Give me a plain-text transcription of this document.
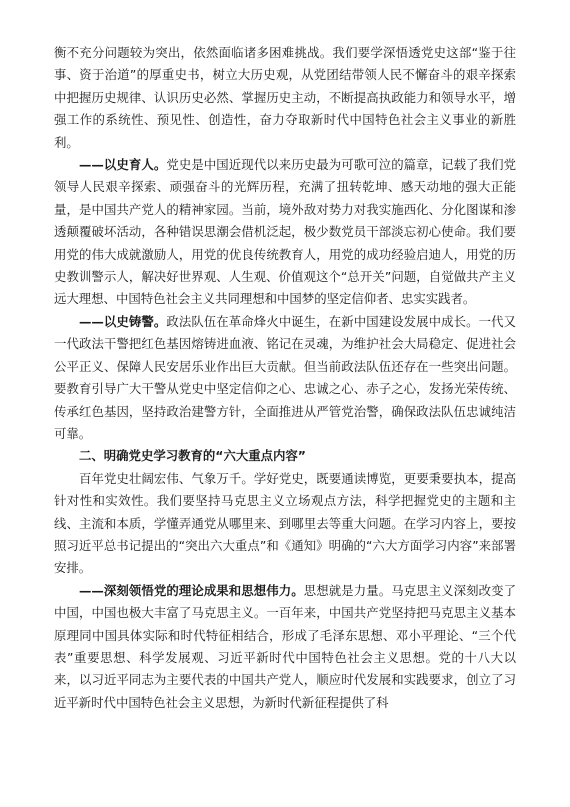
衡不充分问题较为突出，依然面临诸多困难挑战。我们要学深悟透党史这部“鉴于往事、资于治道”的厚重史书，树立大历史观，从党团结带领人民不懈奋斗的艰辛探索中把握历史规律、认识历史必然、掌握历史主动，不断提高执政能力和领导水平，增强工作的系统性、预见性、创造性，奋力夺取新时代中国特色社会主义事业的新胜利。

——以史育人。党史是中国近现代以来历史最为可歌可泣的篇章，记载了我们党领导人民艰辛探索、顽强奋斗的光辉历程，充满了扭转乾坤、感天动地的强大正能量，是中国共产党人的精神家园。当前，境外敌对势力对我实施西化、分化图谋和渗透颠覆破坏活动，各种错误思潮会借机泛起，极少数党员干部淡忘初心使命。我们要用党的伟大成就激励人，用党的优良传统教育人，用党的成功经验启迪人，用党的历史教训警示人，解决好世界观、人生观、价值观这个“总开关”问题，自觉做共产主义远大理想、中国特色社会主义共同理想和中国梦的坚定信仰者、忠实实践者。

——以史铸警。政法队伍在革命烽火中诞生，在新中国建设发展中成长。一代又一代政法干警把红色基因熔铸进血液、铭记在灵魂，为维护社会大局稳定、促进社会公平正义、保障人民安居乐业作出巨大贡献。但当前政法队伍还存在一些突出问题。要教育引导广大干警从党史中坚定信仰之心、忠诚之心、赤子之心，发扬光荣传统、传承红色基因，坚持政治建警方针，全面推进从严管党治警，确保政法队伍忠诚纯洁可靠。

二、明确党史学习教育的“六大重点内容”

百年党史壮阔宏伟、气象万千。学好党史，既要通读博览，更要秉要执本，提高针对性和实效性。我们要坚持马克思主义立场观点方法，科学把握党史的主题和主线、主流和本质，学懂弄通党从哪里来、到哪里去等重大问题。在学习内容上，要按照习近平总书记提出的“突出六大重点”和《通知》明确的“六大方面学习内容”来部署安排。

——深刻领悟党的理论成果和思想伟力。思想就是力量。马克思主义深刻改变了中国，中国也极大丰富了马克思主义。一百年来，中国共产党坚持把马克思主义基本原理同中国具体实际和时代特征相结合，形成了毛泽东思想、邓小平理论、“三个代表”重要思想、科学发展观、习近平新时代中国特色社会主义思想。党的十八大以来，以习近平同志为主要代表的中国共产党人，顺应时代发展和实践要求，创立了习近平新时代中国特色社会主义思想，为新时代新征程提供了科
